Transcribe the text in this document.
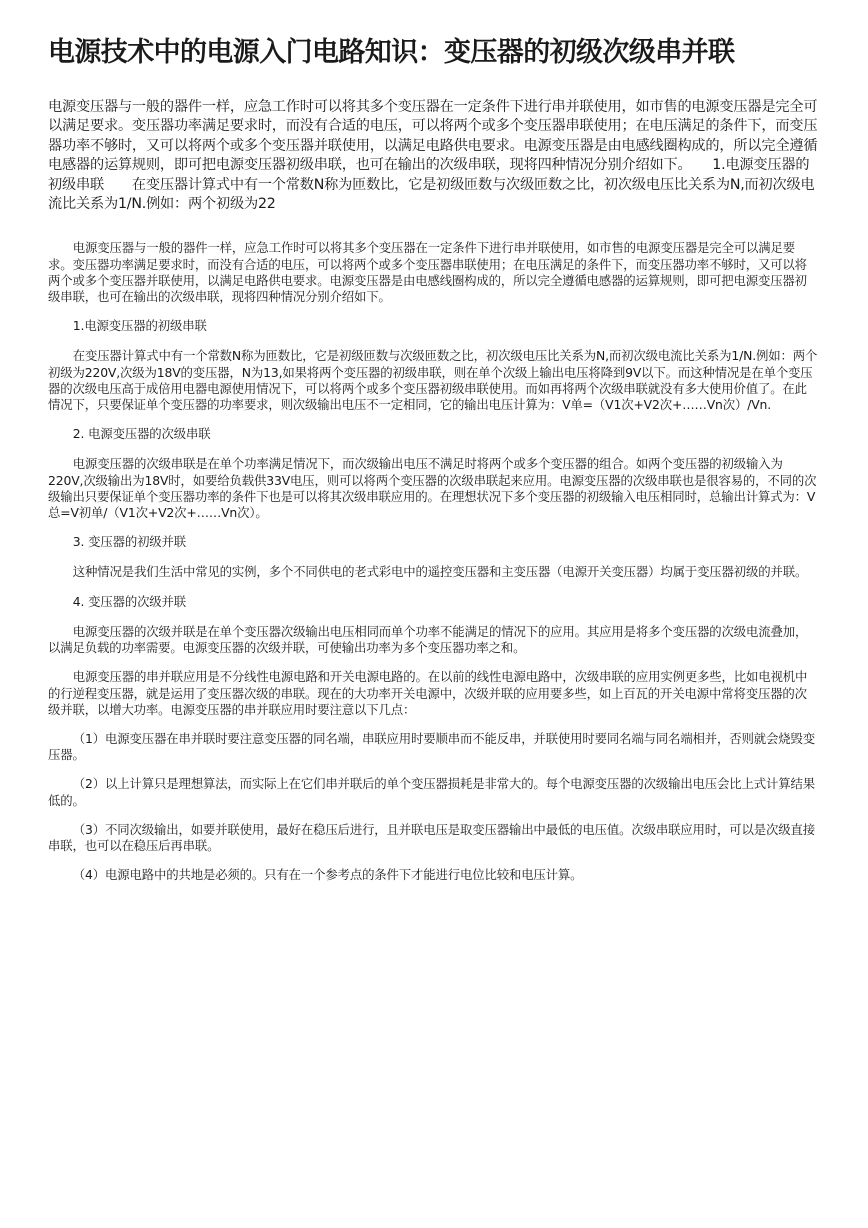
电源技术中的电源入门电路知识：变压器的初级次级串并联

电源变压器与一般的器件一样，应急工作时可以将其多个变压器在一定条件下进行串并联使用，如市售的电源变压器是完全可以满足要求。变压器功率满足要求时，而没有合适的电压，可以将两个或多个变压器串联使用；在电压满足的条件下，而变压器功率不够时，又可以将两个或多个变压器并联使用，以满足电路供电要求。电源变压器是由电感线圈构成的，所以完全遵循电感器的运算规则，即可把电源变压器初级串联，也可在输出的次级串联，现将四种情况分别介绍如下。　　1.电源变压器的初级串联　　在变压器计算式中有一个常数N称为匝数比，它是初级匝数与次级匝数之比，初次级电压比关系为N,而初次级电流比关系为1/N.例如：两个初级为22

电源变压器与一般的器件一样，应急工作时可以将其多个变压器在一定条件下进行串并联使用，如市售的电源变压器是完全可以满足要求。变压器功率满足要求时，而没有合适的电压，可以将两个或多个变压器串联使用；在电压满足的条件下，而变压器功率不够时，又可以将两个或多个变压器并联使用，以满足电路供电要求。电源变压器是由电感线圈构成的，所以完全遵循电感器的运算规则，即可把电源变压器初级串联，也可在输出的次级串联，现将四种情况分别介绍如下。

1.电源变压器的初级串联

在变压器计算式中有一个常数N称为匝数比，它是初级匝数与次级匝数之比，初次级电压比关系为N,而初次级电流比关系为1/N.例如：两个初级为220V,次级为18V的变压器，N为13,如果将两个变压器的初级串联，则在单个次级上输出电压将降到9V以下。而这种情况是在单个变压器的次级电压高于成倍用电器电源使用情况下，可以将两个或多个变压器初级串联使用。而如再将两个次级串联就没有多大使用价值了。在此情况下，只要保证单个变压器的功率要求，则次级输出电压不一定相同，它的输出电压计算为：V单=（V1次+V2次+……Vn次）/Vn.

2. 电源变压器的次级串联

电源变压器的次级串联是在单个功率满足情况下，而次级输出电压不满足时将两个或多个变压器的组合。如两个变压器的初级输入为220V,次级输出为18V时，如要给负载供33V电压，则可以将两个变压器的次级串联起来应用。电源变压器的次级串联也是很容易的，不同的次级输出只要保证单个变压器功率的条件下也是可以将其次级串联应用的。在理想状况下多个变压器的初级输入电压相同时，总输出计算式为：V总=V初单/（V1次+V2次+……Vn次）。

3. 变压器的初级并联

这种情况是我们生活中常见的实例，多个不同供电的老式彩电中的遥控变压器和主变压器（电源开关变压器）均属于变压器初级的并联。

4. 变压器的次级并联

电源变压器的次级并联是在单个变压器次级输出电压相同而单个功率不能满足的情况下的应用。其应用是将多个变压器的次级电流叠加，以满足负载的功率需要。电源变压器的次级并联，可使输出功率为多个变压器功率之和。

电源变压器的串并联应用是不分线性电源电路和开关电源电路的。在以前的线性电源电路中，次级串联的应用实例更多些，比如电视机中的行逆程变压器，就是运用了变压器次级的串联。现在的大功率开关电源中，次级并联的应用要多些，如上百瓦的开关电源中常将变压器的次级并联，以增大功率。电源变压器的串并联应用时要注意以下几点：

（1）电源变压器在串并联时要注意变压器的同名端，串联应用时要顺串而不能反串，并联使用时要同名端与同名端相并，否则就会烧毁变压器。

（2）以上计算只是理想算法，而实际上在它们串并联后的单个变压器损耗是非常大的。每个电源变压器的次级输出电压会比上式计算结果低的。

（3）不同次级输出，如要并联使用，最好在稳压后进行，且并联电压是取变压器输出中最低的电压值。次级串联应用时，可以是次级直接串联，也可以在稳压后再串联。

（4）电源电路中的共地是必须的。只有在一个参考点的条件下才能进行电位比较和电压计算。
